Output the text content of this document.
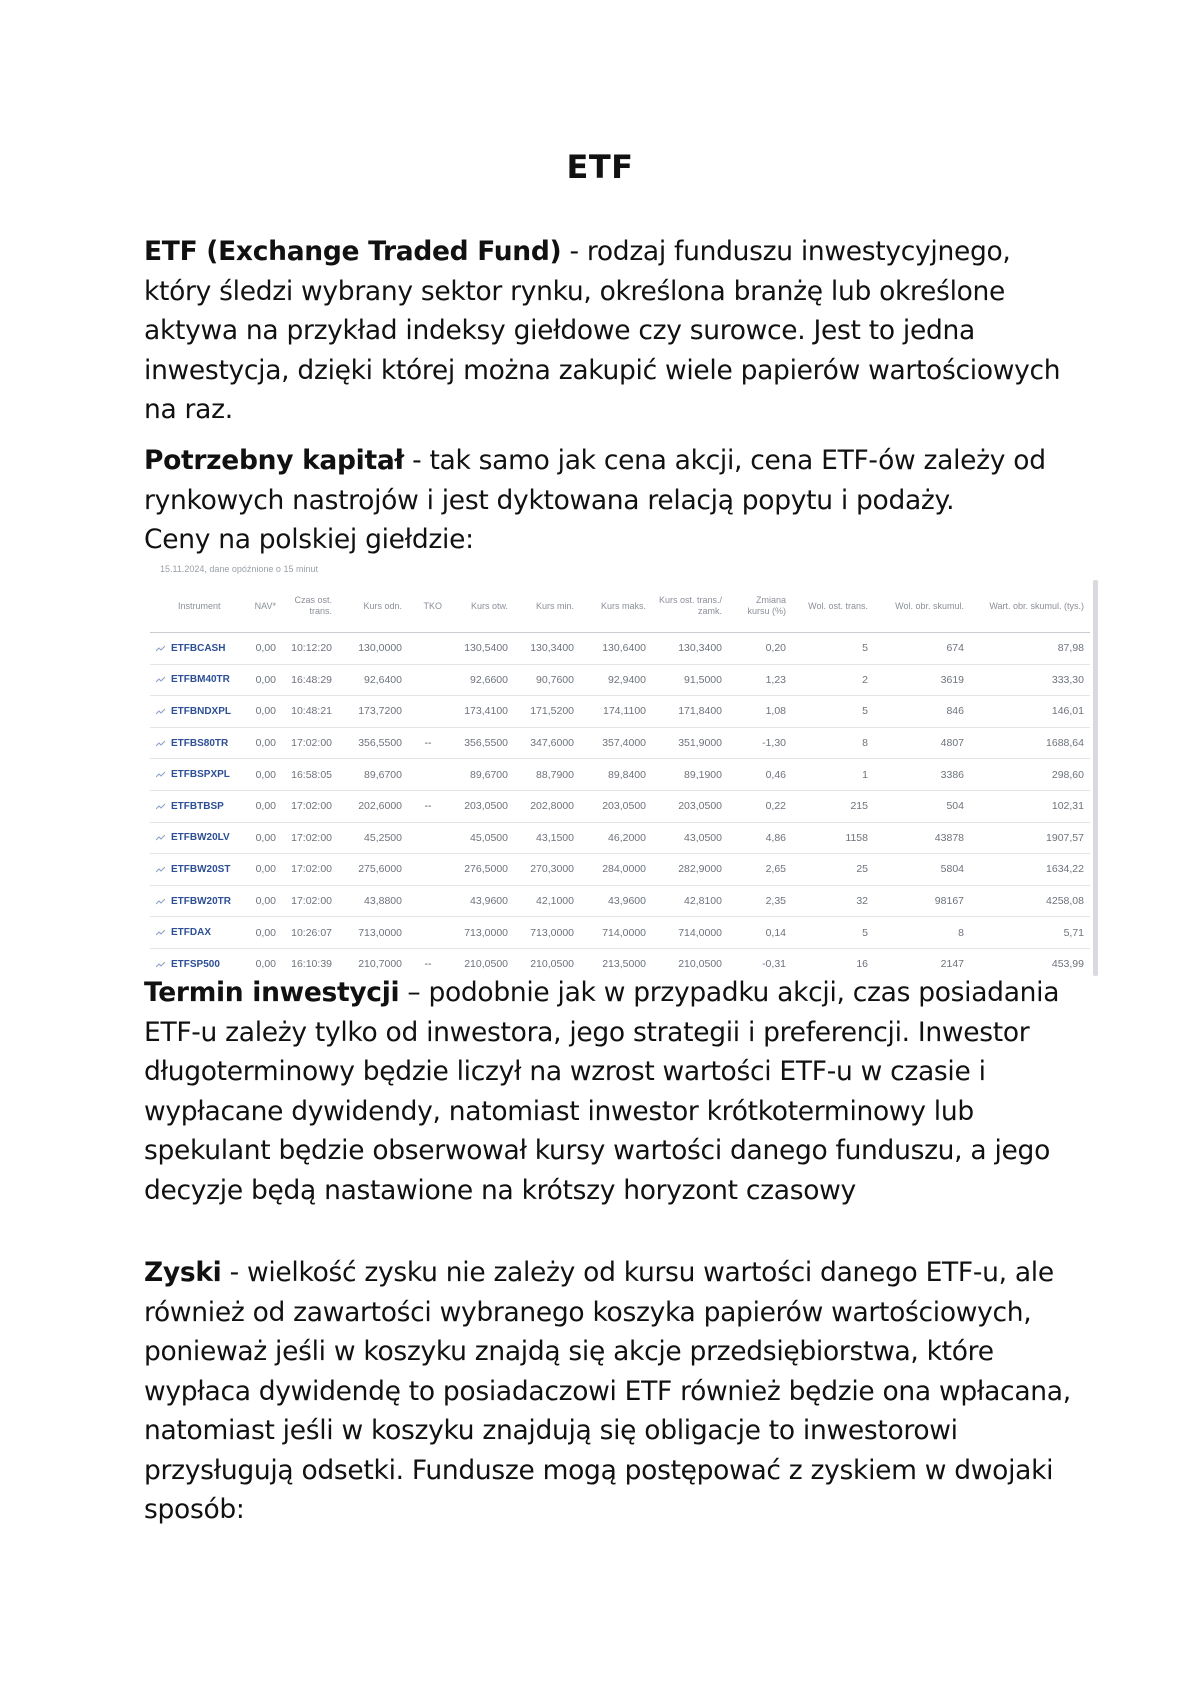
ETF

ETF (Exchange Traded Fund) - rodzaj funduszu inwestycyjnego, który śledzi wybrany sektor rynku, określona branżę lub określone aktywa na przykład indeksy giełdowe czy surowce. Jest to jedna inwestycja, dzięki której można zakupić wiele papierów wartościowych na raz.

Potrzebny kapitał - tak samo jak cena akcji, cena ETF-ów zależy od rynkowych nastrojów i jest dyktowana relacją popytu i podaży.

Ceny na polskiej giełdzie:

15.11.2024, dane opóźnione o 15 minut
Instrument	NAV*	Czas ost. trans.	Kurs odn.	TKO	Kurs otw.	Kurs min.	Kurs maks.	Kurs ost. trans./ zamk.	Zmiana kursu (%)	Wol. ost. trans.	Wol. obr. skumul.	Wart. obr. skumul. (tys.)

ETFBCASH	0,00	10:12:20	130,0000		130,5400	130,3400	130,6400	130,3400	0,20	5	674	87,98

ETFBM40TR	0,00	16:48:29	92,6400		92,6600	90,7600	92,9400	91,5000	1,23	2	3619	333,30

ETFBNDXPL	0,00	10:48:21	173,7200		173,4100	171,5200	174,1100	171,8400	1,08	5	846	146,01

ETFBS80TR	0,00	17:02:00	356,5500	--	356,5500	347,6000	357,4000	351,9000	-1,30	8	4807	1688,64

ETFBSPXPL	0,00	16:58:05	89,6700		89,6700	88,7900	89,8400	89,1900	0,46	1	3386	298,60

ETFBTBSP	0,00	17:02:00	202,6000	--	203,0500	202,8000	203,0500	203,0500	0,22	215	504	102,31

ETFBW20LV	0,00	17:02:00	45,2500		45,0500	43,1500	46,2000	43,0500	4,86	1158	43878	1907,57

ETFBW20ST	0,00	17:02:00	275,6000		276,5000	270,3000	284,0000	282,9000	2,65	25	5804	1634,22

ETFBW20TR	0,00	17:02:00	43,8800		43,9600	42,1000	43,9600	42,8100	2,35	32	98167	4258,08

ETFDAX	0,00	10:26:07	713,0000		713,0000	713,0000	714,0000	714,0000	0,14	5	8	5,71

ETFSP500	0,00	16:10:39	210,7000	--	210,0500	210,0500	213,5000	210,0500	-0,31	16	2147	453,99

Termin inwestycji – podobnie jak w przypadku akcji, czas posiadania ETF-u zależy tylko od inwestora, jego strategii i preferencji. Inwestor długoterminowy będzie liczył na wzrost wartości ETF-u w czasie i wypłacane dywidendy, natomiast inwestor krótkoterminowy lub spekulant będzie obserwował kursy wartości danego funduszu, a jego decyzje będą nastawione na krótszy horyzont czasowy

Zyski - wielkość zysku nie zależy od kursu wartości danego ETF-u, ale również od zawartości wybranego koszyka papierów wartościowych, ponieważ jeśli w koszyku znajdą się akcje przedsiębiorstwa, które wypłaca dywidendę to posiadaczowi ETF również będzie ona wpłacana, natomiast jeśli w koszyku znajdują się obligacje to inwestorowi przysługują odsetki. Fundusze mogą postępować z zyskiem w dwojaki sposób:
